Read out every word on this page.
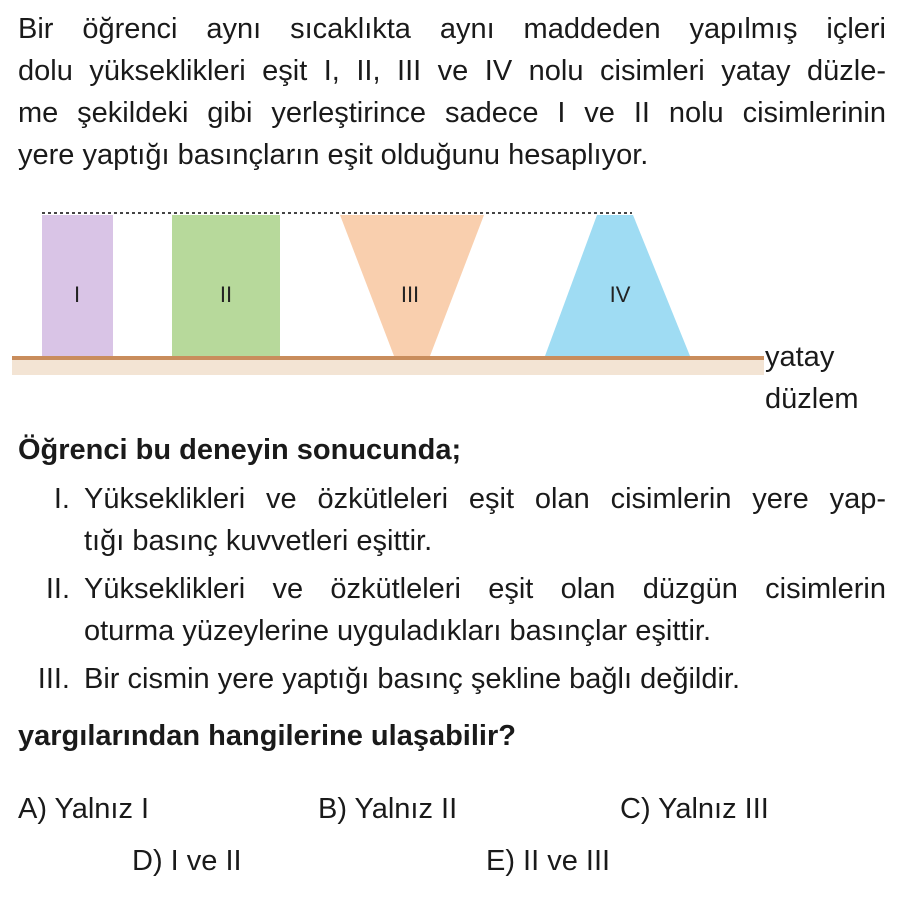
Bir öğrenci aynı sıcaklıkta aynı maddeden yapılmış içleri
dolu yükseklikleri eşit I, II, III ve IV nolu cisimleri yatay düzle-
me şekildeki gibi yerleştirince sadece I ve II nolu cisimlerinin
yere yaptığı basınçların eşit olduğunu hesaplıyor.

I	II	III	IV
yatay
düzlem

Öğrenci bu deneyin sonucunda;

I. Yükseklikleri ve özkütleleri eşit olan cisimlerin yere yap-
tığı basınç kuvvetleri eşittir.
II. Yükseklikleri ve özkütleleri eşit olan düzgün cisimlerin
oturma yüzeylerine uyguladıkları basınçlar eşittir.
III. Bir cismin yere yaptığı basınç şekline bağlı değildir.

yargılarından hangilerine ulaşabilir?

A) Yalnız I	B) Yalnız II	C) Yalnız III
D) I ve II	E) II ve III
